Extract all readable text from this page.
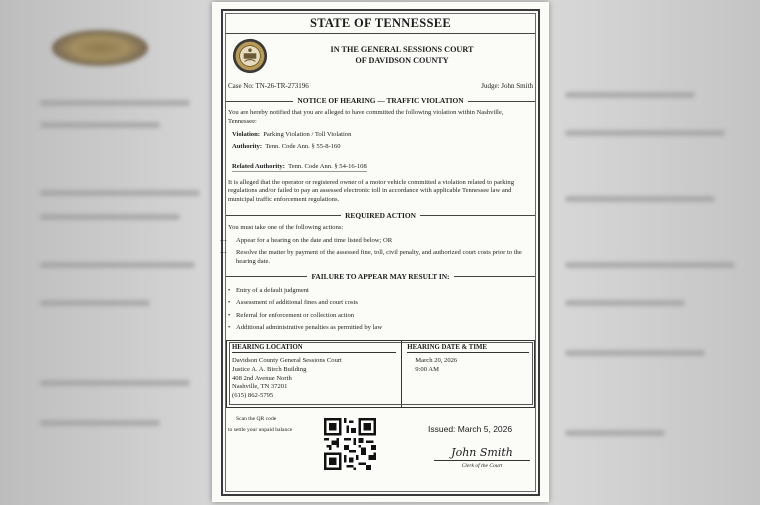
STATE OF TENNESSEE
IN THE GENERAL SESSIONS COURT
OF DAVIDSON COUNTY
Case No: TN-26-TR-273196	Judge: John Smith
NOTICE OF HEARING — TRAFFIC VIOLATION

You are hereby notified that you are alleged to have committed the following violation within Nashville, Tennessee:

Violation: Parking Violation / Toll Violation
Authority: Tenn. Code Ann. § 55-8-160
Related Authority: Tenn. Code Ann. § 54-16-108

It is alleged that the operator or registered owner of a motor vehicle committed a violation related to parking regulations and/or failed to pay an assessed electronic toll in accordance with applicable Tennessee law and municipal traffic enforcement regulations.

REQUIRED ACTION

You must take one of the following actions:

— Appear for a hearing on the date and time listed below; OR
— Resolve the matter by payment of the assessed fine, toll, civil penalty, and authorized court costs prior to the hearing date.
FAILURE TO APPEAR MAY RESULT IN:
• Entry of a default judgment
• Assessment of additional fines and court costs
• Referral for enforcement or collection action
• Additional administrative penalties as permitted by law
HEARING LOCATION
Davidson County General Sessions Court
Justice A. A. Birch Building
408 2nd Avenue North
Nashville, TN 37201
(615) 862-5795
HEARING DATE & TIME
March 20, 2026
9:00 AM
Scan the QR code
to settle your unpaid balance	Issued: March 5, 2026
John Smith
Clerk of the Court
